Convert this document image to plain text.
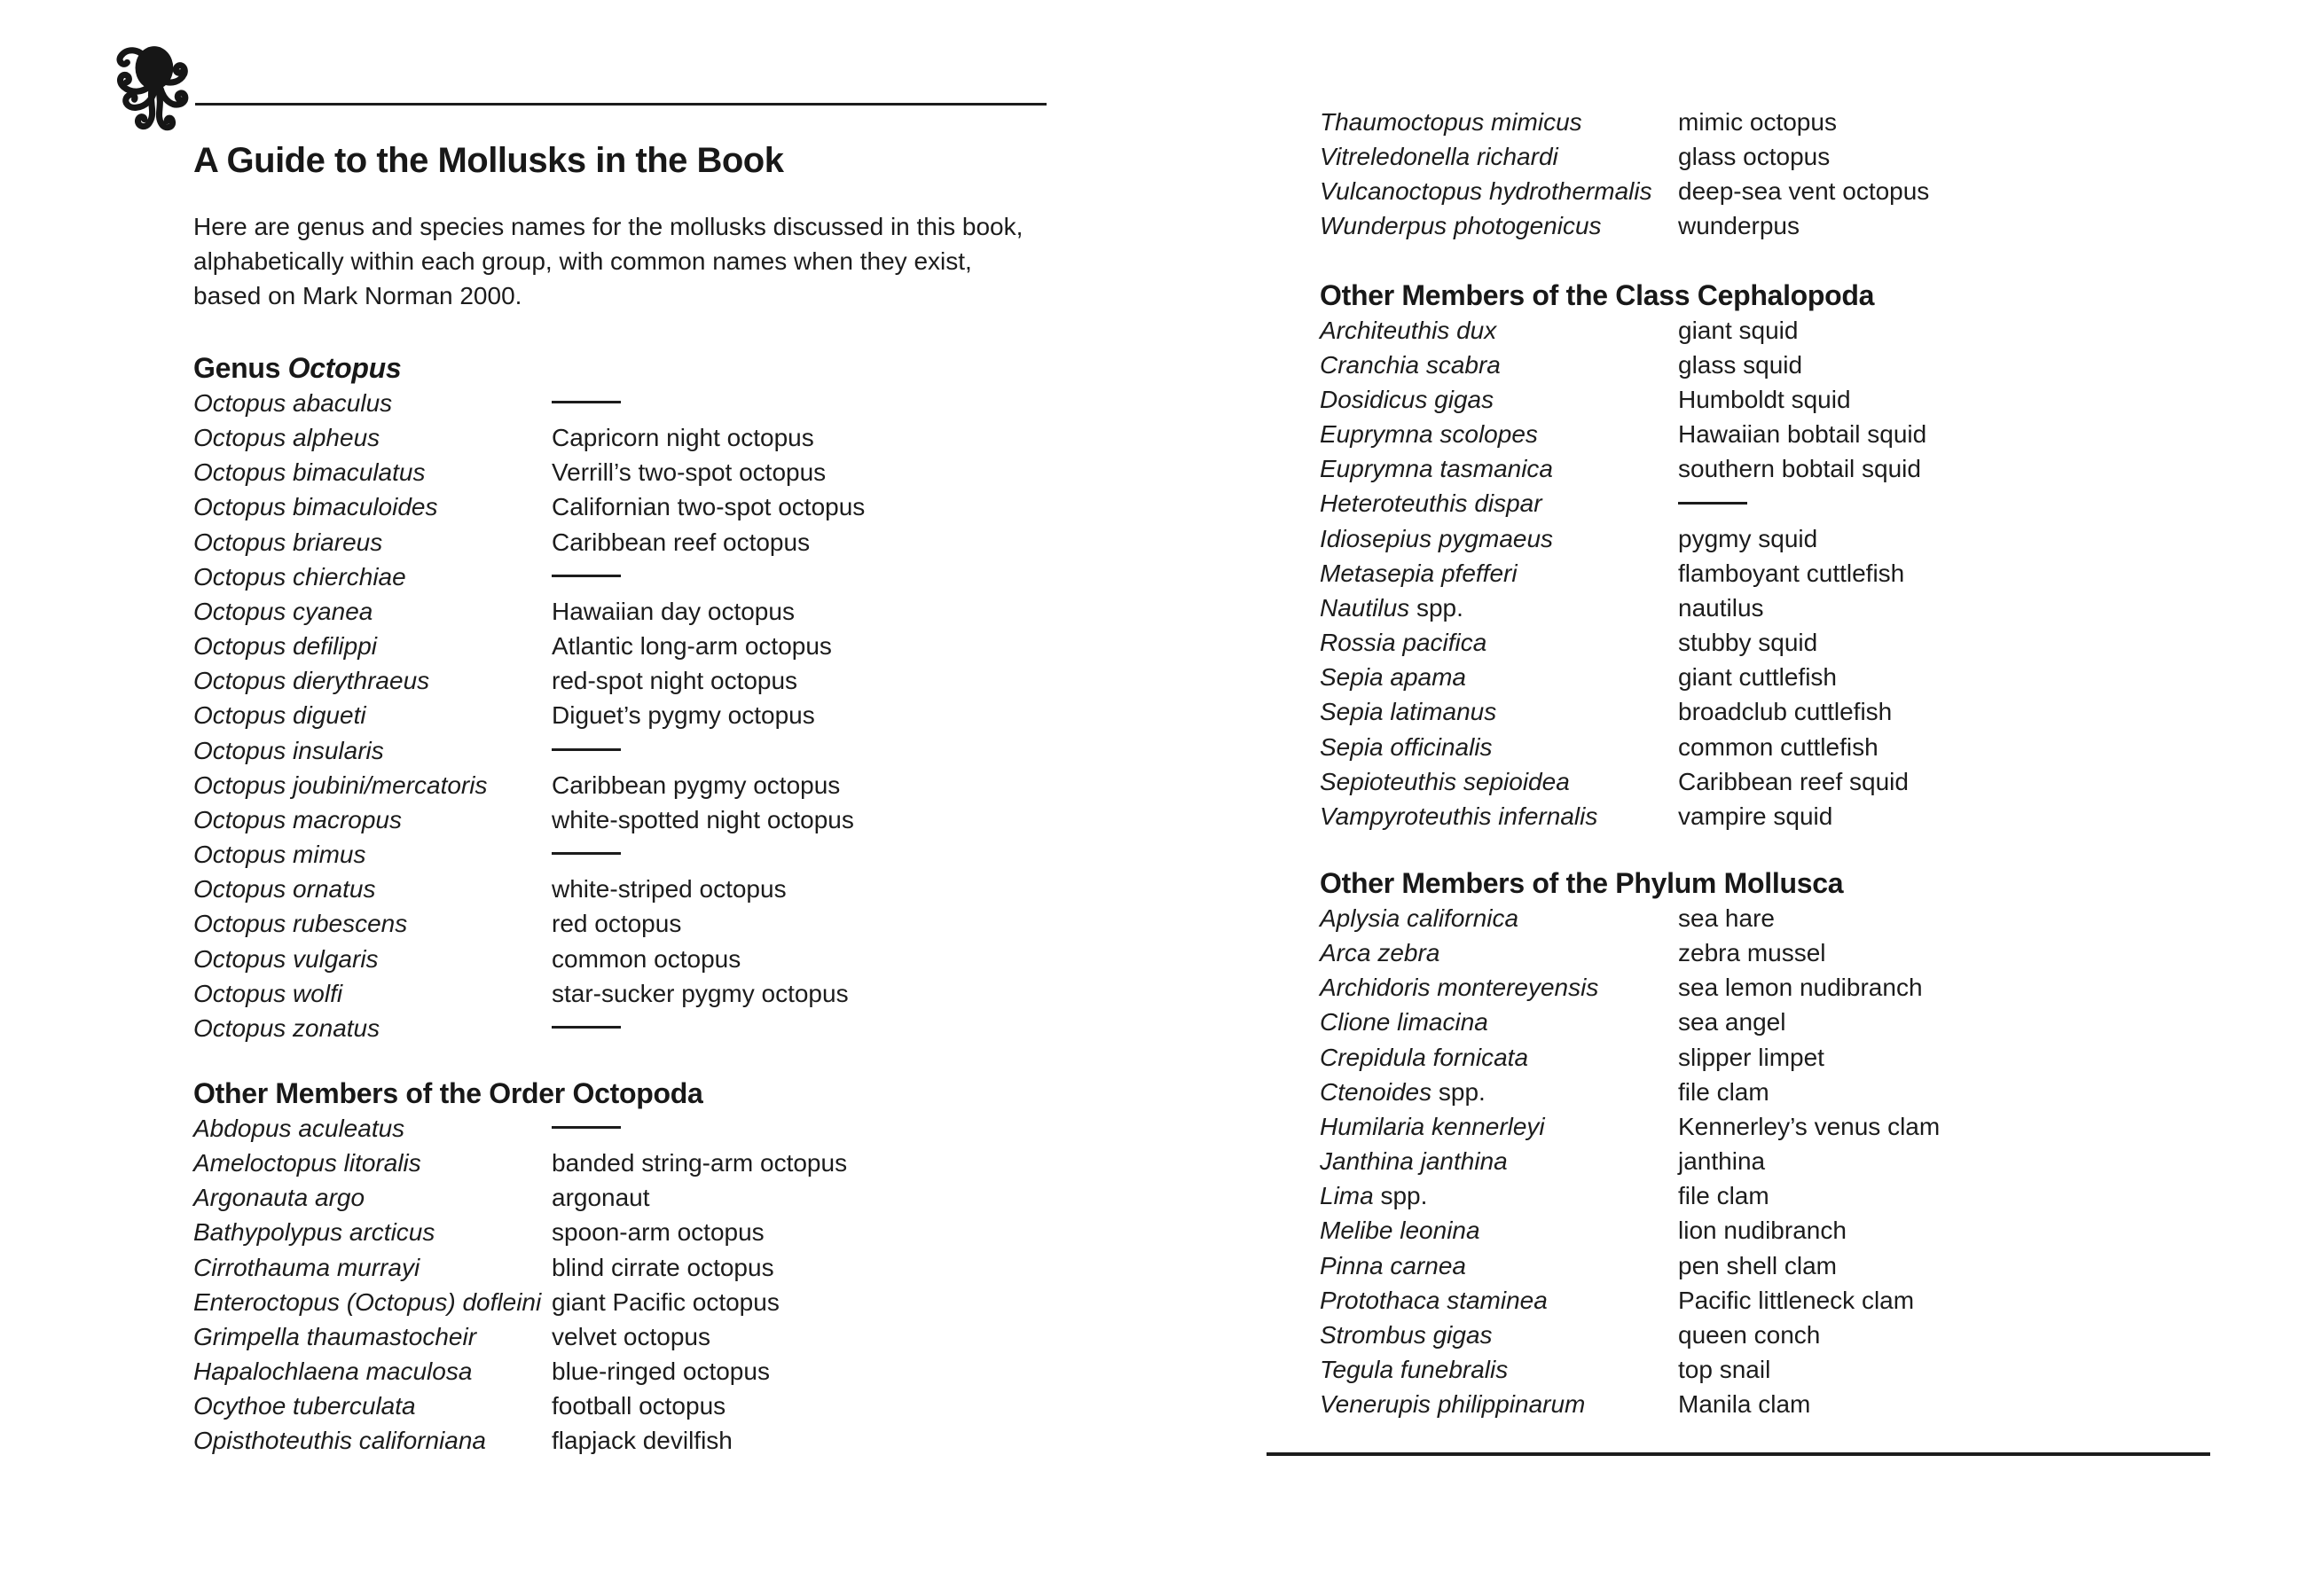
A Guide to the Mollusks in the Book

Here are genus and species names for the mollusks discussed in this book,
alphabetically within each group, with common names when they exist,
based on Mark Norman 2000.

Genus Octopus
Octopus abaculus
Octopus alpheus	Capricorn night octopus
Octopus bimaculatus	Verrill’s two-spot octopus
Octopus bimaculoides	Californian two-spot octopus
Octopus briareus	Caribbean reef octopus
Octopus chierchiae
Octopus cyanea	Hawaiian day octopus
Octopus defilippi	Atlantic long-arm octopus
Octopus dierythraeus	red-spot night octopus
Octopus digueti	Diguet’s pygmy octopus
Octopus insularis
Octopus joubini/mercatoris	Caribbean pygmy octopus
Octopus macropus	white-spotted night octopus
Octopus mimus
Octopus ornatus	white-striped octopus
Octopus rubescens	red octopus
Octopus vulgaris	common octopus
Octopus wolfi	star-sucker pygmy octopus
Octopus zonatus
Other Members of the Order Octopoda
Abdopus aculeatus
Ameloctopus litoralis	banded string-arm octopus
Argonauta argo	argonaut
Bathypolypus arcticus	spoon-arm octopus
Cirrothauma murrayi	blind cirrate octopus
Enteroctopus (Octopus) dofleini giant Pacific octopus
Grimpella thaumastocheir	velvet octopus
Hapalochlaena maculosa	blue-ringed octopus
Ocythoe tuberculata	football octopus
Opisthoteuthis californiana	flapjack devilfish
Thaumoctopus mimicus	mimic octopus
Vitreledonella richardi	glass octopus
Vulcanoctopus hydrothermalis	deep-sea vent octopus
Wunderpus photogenicus	wunderpus
Other Members of the Class Cephalopoda
Architeuthis dux	giant squid
Cranchia scabra	glass squid
Dosidicus gigas	Humboldt squid
Euprymna scolopes	Hawaiian bobtail squid
Euprymna tasmanica	southern bobtail squid
Heteroteuthis dispar
Idiosepius pygmaeus	pygmy squid
Metasepia pfefferi	flamboyant cuttlefish
Nautilus spp.	nautilus
Rossia pacifica	stubby squid
Sepia apama	giant cuttlefish
Sepia latimanus	broadclub cuttlefish
Sepia officinalis	common cuttlefish
Sepioteuthis sepioidea	Caribbean reef squid
Vampyroteuthis infernalis	vampire squid
Other Members of the Phylum Mollusca
Aplysia californica	sea hare
Arca zebra	zebra mussel
Archidoris montereyensis	sea lemon nudibranch
Clione limacina	sea angel
Crepidula fornicata	slipper limpet
Ctenoides spp.	file clam
Humilaria kennerleyi	Kennerley’s venus clam
Janthina janthina	janthina
Lima spp.	file clam
Melibe leonina	lion nudibranch
Pinna carnea	pen shell clam
Protothaca staminea	Pacific littleneck clam
Strombus gigas	queen conch
Tegula funebralis	top snail
Venerupis philippinarum	Manila clam
